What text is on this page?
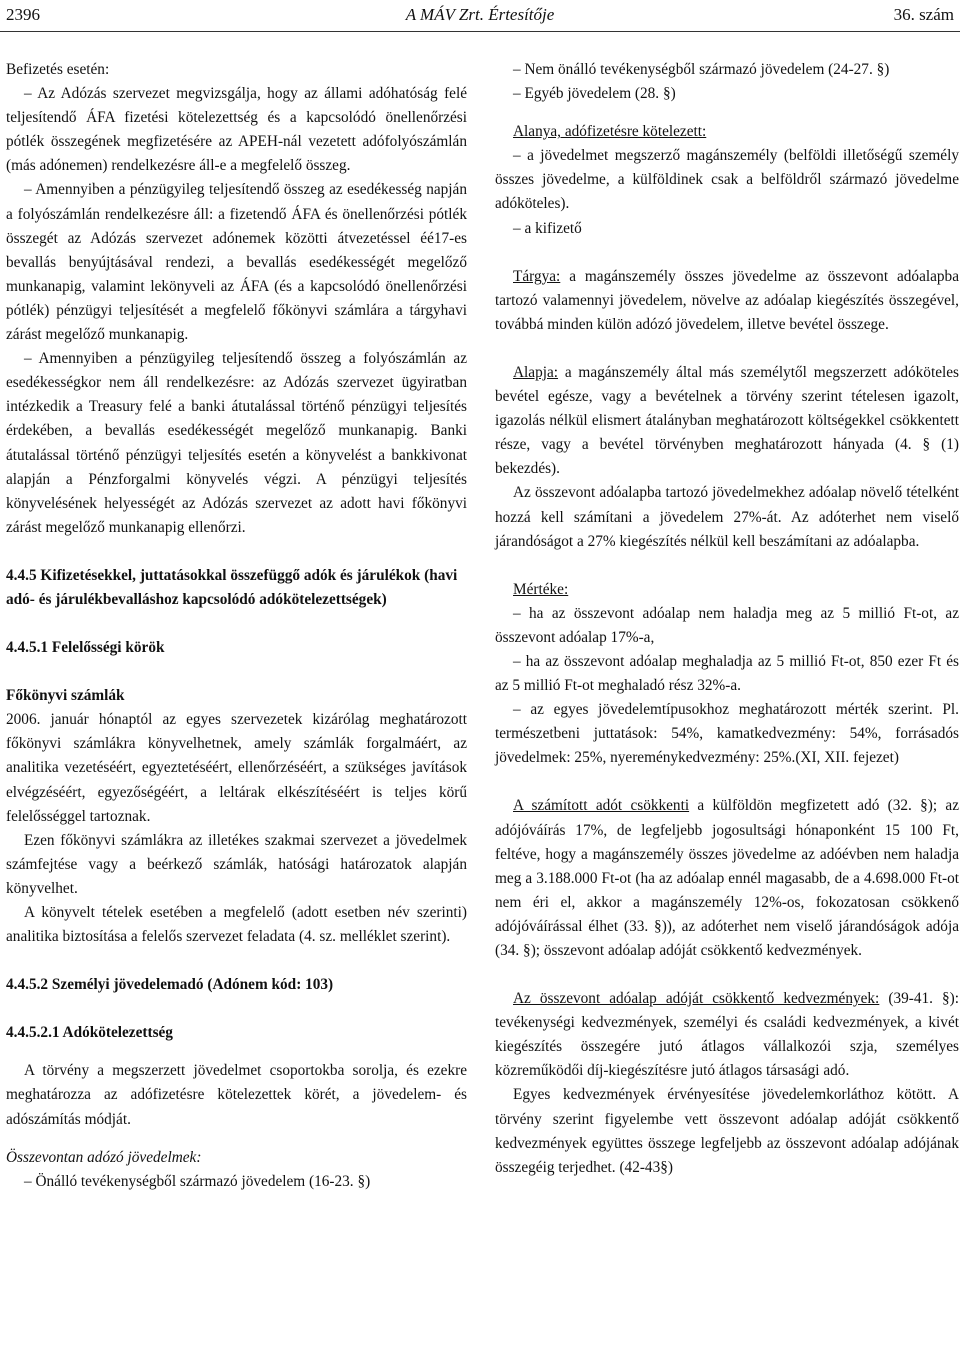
2396	A MÁV Zrt. Értesítője	36. szám

Befizetés esetén:

– Az Adózás szervezet megvizsgálja, hogy az állami adóhatóság felé teljesítendő ÁFA fizetési kötelezettség és a kapcsolódó önellenőrzési pótlék összegének megfizetésére az APEH-nál vezetett adófolyószámlán (más adónemen) rendelkezésre áll-e a megfelelő összeg.

– Amennyiben a pénzügyileg teljesítendő összeg az esedékesség napján a folyószámlán rendelkezésre áll: a fizetendő ÁFA és önellenőrzési pótlék összegét az Adózás szervezet adónemek közötti átvezetéssel éé17-es bevallás benyújtásával rendezi, a bevallás esedékességét megelőző munkanapig, valamint lekönyveli az ÁFA (és a kapcsolódó önellenőrzési pótlék) pénzügyi teljesítését a megfelelő főkönyvi számlára a tárgyhavi zárást megelőző munkanapig.

– Amennyiben a pénzügyileg teljesítendő összeg a folyószámlán az esedékességkor nem áll rendelkezésre: az Adózás szervezet ügyiratban intézkedik a Treasury felé a banki átutalással történő pénzügyi teljesítés érdekében, a bevallás esedékességét megelőző munkanapig. Banki átutalással történő pénzügyi teljesítés esetén a könyvelést a bankkivonat alapján a Pénzforgalmi könyvelés végzi. A pénzügyi teljesítés könyvelésének helyességét az Adózás szervezet az adott havi főkönyvi zárást megelőző munkanapig ellenőrzi.

4.4.5 Kifizetésekkel, juttatásokkal összefüggő adók és járulékok (havi adó- és járulékbevalláshoz kapcsolódó adókötelezettségek)

4.4.5.1 Felelősségi körök

Főkönyvi számlák

2006. január hónaptól az egyes szervezetek kizárólag meghatározott főkönyvi számlákra könyvelhetnek, amely számlák forgalmáért, az analitika vezetéséért, egyeztetéséért, ellenőrzéséért, a szükséges javítások elvégzéséért, egyezőségéért, a leltárak elkészítéséért is teljes körű felelősséggel tartoznak.

Ezen főkönyvi számlákra az illetékes szakmai szervezet a jövedelmek számfejtése vagy a beérkező számlák, hatósági határozatok alapján könyvelhet.

A könyvelt tételek esetében a megfelelő (adott esetben név szerinti) analitika biztosítása a felelős szervezet feladata (4. sz. melléklet szerint).

4.4.5.2 Személyi jövedelemadó (Adónem kód: 103)

4.4.5.2.1 Adókötelezettség

A törvény a megszerzett jövedelmet csoportokba sorolja, és ezekre meghatározza az adófizetésre kötelezettek körét, a jövedelem- és adószámítás módját.

Összevontan adózó jövedelmek:

– Önálló tevékenységből származó jövedelem (16-23. §)

– Nem önálló tevékenységből származó jövedelem (24-27. §)

– Egyéb jövedelem (28. §)

Alanya, adófizetésre kötelezett:

– a jövedelmet megszerző magánszemély (belföldi illetőségű személy összes jövedelme, a külföldinek csak a belföldről származó jövedelme adóköteles).

– a kifizető

Tárgya: a magánszemély összes jövedelme az összevont adóalapba tartozó valamennyi jövedelem, növelve az adóalap kiegészítés összegével, továbbá minden külön adózó jövedelem, illetve bevétel összege.

Alapja: a magánszemély által más személytől megszerzett adóköteles bevétel egésze, vagy a bevételnek a törvény szerint tételesen igazolt, igazolás nélkül elismert átalányban meghatározott költségekkel csökkentett része, vagy a bevétel törvényben meghatározott hányada (4. § (1) bekezdés).

Az összevont adóalapba tartozó jövedelmekhez adóalap növelő tételként hozzá kell számítani a jövedelem 27%-át. Az adóterhet nem viselő járandóságot a 27% kiegészítés nélkül kell beszámítani az adóalapba.

Mértéke:

– ha az összevont adóalap nem haladja meg az 5 millió Ft-ot, az összevont adóalap 17%-a,

– ha az összevont adóalap meghaladja az 5 millió Ft-ot, 850 ezer Ft és az 5 millió Ft-ot meghaladó rész 32%-a.

– az egyes jövedelemtípusokhoz meghatározott mérték szerint. Pl. természetbeni juttatások: 54%, kamatkedvezmény: 54%, forrásadós jövedelmek: 25%, nyereménykedvezmény: 25%.(XI, XII. fejezet)

A számított adót csökkenti a külföldön megfizetett adó (32. §); az adójóváírás 17%, de legfeljebb jogosultsági hónaponként 15 100 Ft, feltéve, hogy a magánszemély összes jövedelme az adóévben nem haladja meg a 3.188.000 Ft-ot (ha az adóalap ennél magasabb, de a 4.698.000 Ft-ot nem éri el, akkor a magánszemély 12%-os, fokozatosan csökkenő adójóváírással élhet (33. §)), az adóterhet nem viselő járandóságok adója (34. §); összevont adóalap adóját csökkentő kedvezmények.

Az összevont adóalap adóját csökkentő kedvezmények: (39-41. §): tevékenységi kedvezmények, személyi és családi kedvezmények, a kivét kiegészítés összegére jutó átlagos vállalkozói szja, személyes közreműködői díj-kiegészítésre jutó átlagos társasági adó.

Egyes kedvezmények érvényesítése jövedelemkorláthoz kötött. A törvény szerint figyelembe vett összevont adóalap adóját csökkentő kedvezmények együttes összege legfeljebb az összevont adóalap adójának összegéig terjedhet. (42-43§)
